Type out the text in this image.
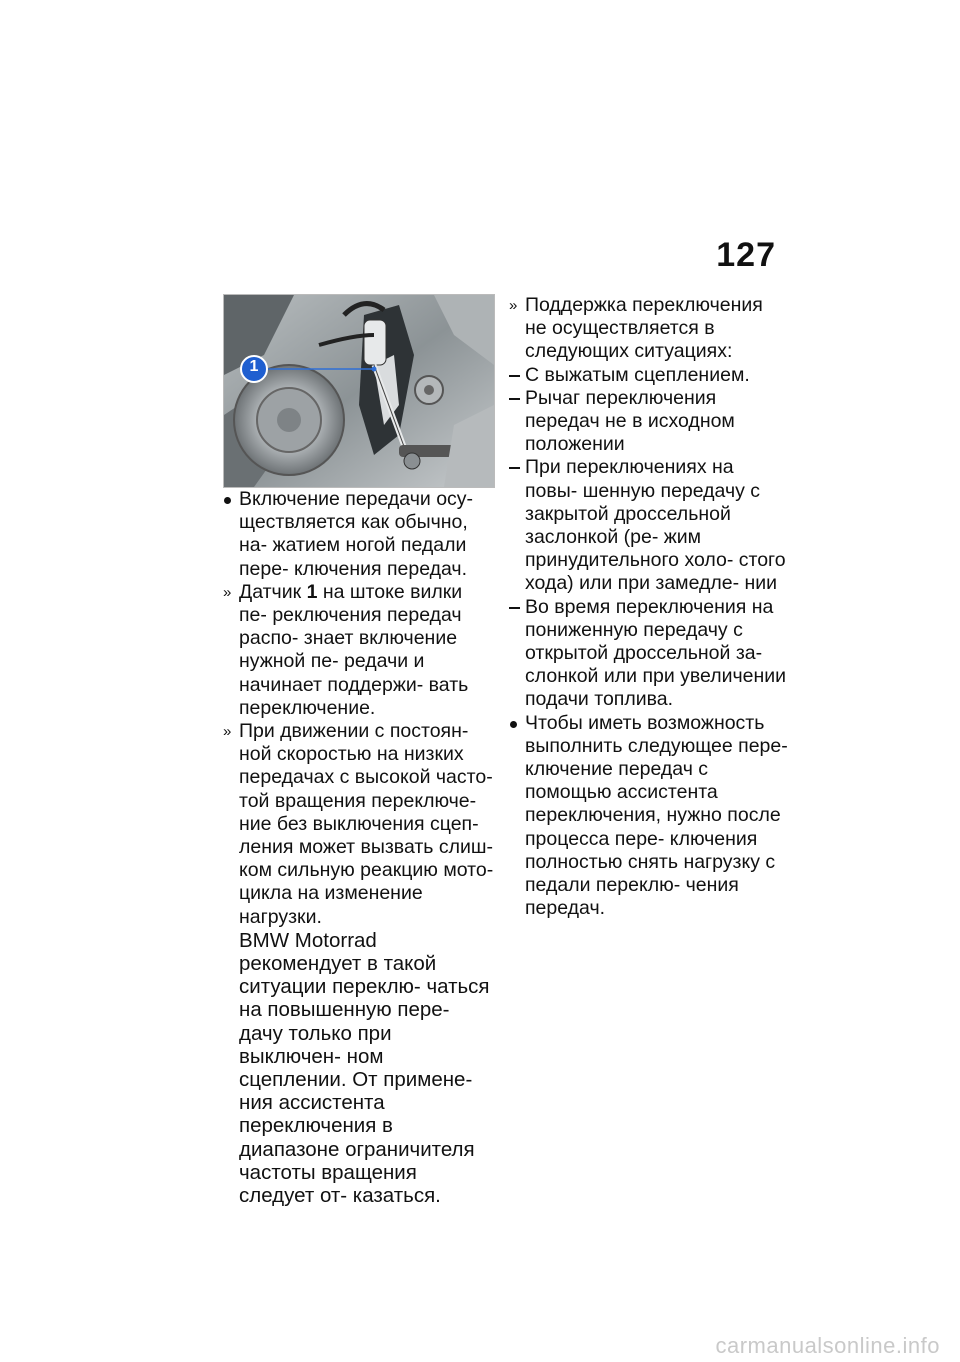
127
1

Включение передачи осу- ществляется как обычно, на- жатием ногой педали пере- ключения передач.

» Датчик 1 на штоке вилки пе- реключения передач распо- знает включение нужной пе- редачи и начинает поддержи- вать переключение.

» При движении с постоян- ной скоростью на низких передачах с высокой часто- той вращения переключе- ние без выключения сцеп- ления может вызвать слиш- ком сильную реакцию мото- цикла на изменение нагрузки.
BMW Motorrad рекомендует в такой ситуации переклю- чаться на повышенную пере- дачу только при выключен- ном сцеплении. От примене- ния ассистента переключения в диапазоне ограничителя частоты вращения следует от- казаться.

» Поддержка переключения не осуществляется в следующих ситуациях:

С выжатым сцеплением.

Рычаг переключения передач не в исходном положении

При переключениях на повы- шенную передачу с закрытой дроссельной заслонкой (ре- жим принудительного холо- стого хода) или при замедле- нии

Во время переключения на пониженную передачу с открытой дроссельной за- слонкой или при увеличении подачи топлива.

Чтобы иметь возможность выполнить следующее пере- ключение передач с помощью ассистента переключения, нужно после процесса пере- ключения полностью снять нагрузку с педали переклю- чения передач.

carmanualsonline.info
